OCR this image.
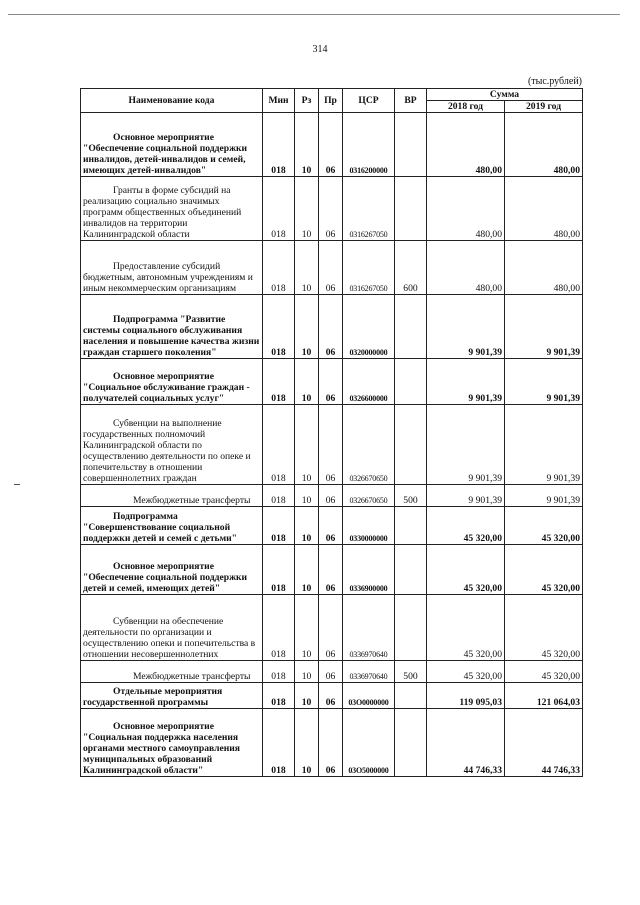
314
(тыс.рублей)
Наименование кода	Мин	Рз	Пр	ЦСР	ВР	Сумма	
						2018 год	2019 год

Основное мероприятие "Обеспечение социальной поддержки инвалидов, детей-инвалидов и семей, имеющих детей-инвалидов"	018	10	06	0316200000		480,00	480,00

Гранты в форме субсидий на реализацию социально значимых программ общественных объединений инвалидов на территории Калининградской области	018	10	06	0316267050		480,00	480,00

Предоставление субсидий бюджетным, автономным учреждениям и иным некоммерческим организациям	018	10	06	0316267050	600	480,00	480,00

Подпрограмма "Развитие системы социального обслуживания населения и повышение качества жизни граждан старшего поколения"	018	10	06	0320000000		9 901,39	9 901,39

Основное мероприятие "Социальное обслуживание граждан - получателей социальных услуг"	018	10	06	0326600000		9 901,39	9 901,39

Субвенции на выполнение государственных полномочий Калининградской области по осуществлению деятельности по опеке и попечительству в отношении совершеннолетних граждан	018	10	06	0326670650		9 901,39	9 901,39

Межбюджетные трансферты	018	10	06	0326670650	500	9 901,39	9 901,39

Подпрограмма "Совершенствование социальной поддержки детей и семей с детьми"	018	10	06	0330000000		45 320,00	45 320,00

Основное мероприятие "Обеспечение социальной поддержки детей и семей, имеющих детей"	018	10	06	0336900000		45 320,00	45 320,00

Субвенции на обеспечение деятельности по организации и осуществлению опеки и попечительства в отношении несовершеннолетних	018	10	06	0336970640		45 320,00	45 320,00

Межбюджетные трансферты	018	10	06	0336970640	500	45 320,00	45 320,00

Отдельные мероприятия государственной программы	018	10	06	03О0000000		119 095,03	121 064,03

Основное мероприятие "Социальная поддержка населения органами местного самоуправления муниципальных образований Калининградской области"	018	10	06	03О5000000		44 746,33	44 746,33
